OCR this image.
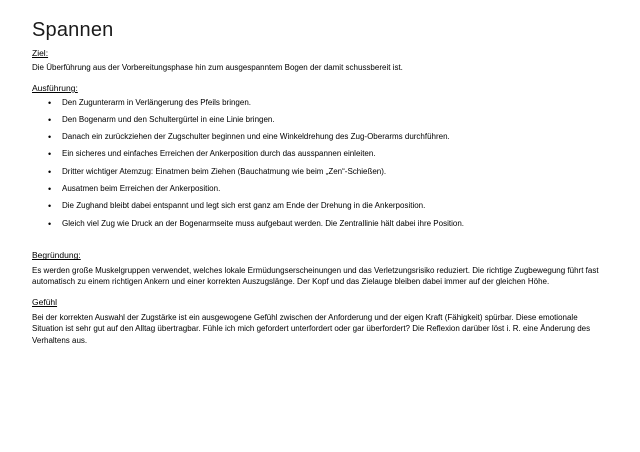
Spannen
Ziel:

Die Überführung aus der Vorbereitungsphase hin zum ausgespanntem Bogen der damit schussbereit ist.

Ausführung:
• Den Zugunterarm in Verlängerung des Pfeils bringen.
• Den Bogenarm und den Schultergürtel in eine Linie bringen.
• Danach ein zurückziehen der Zugschulter beginnen und eine Winkeldrehung des Zug-Oberarms durchführen.
• Ein sicheres und einfaches Erreichen der Ankerposition durch das ausspannen einleiten.
• Dritter wichtiger Atemzug: Einatmen beim Ziehen (Bauchatmung wie beim „Zen“-Schießen).
• Ausatmen beim Erreichen der Ankerposition.
• Die Zughand bleibt dabei entspannt und legt sich erst ganz am Ende der Drehung in die Ankerposition.
• Gleich viel Zug wie Druck an der Bogenarmseite muss aufgebaut werden. Die Zentrallinie hält dabei ihre Position.
Begründung:

Es werden große Muskelgruppen verwendet, welches lokale Ermüdungserscheinungen und das Verletzungsrisiko reduziert. Die richtige Zugbewegung führt fast automatisch zu einem richtigen Ankern und einer korrekten Auszugslänge. Der Kopf und das Zielauge bleiben dabei immer auf der gleichen Höhe.

Gefühl

Bei der korrekten Auswahl der Zugstärke ist ein ausgewogene Gefühl zwischen der Anforderung und der eigen Kraft (Fähigkeit) spürbar. Diese emotionale Situation ist sehr gut auf den Alltag übertragbar. Fühle ich mich gefordert unterfordert oder gar überfordert? Die Reflexion darüber löst i. R. eine Änderung des Verhaltens aus.
